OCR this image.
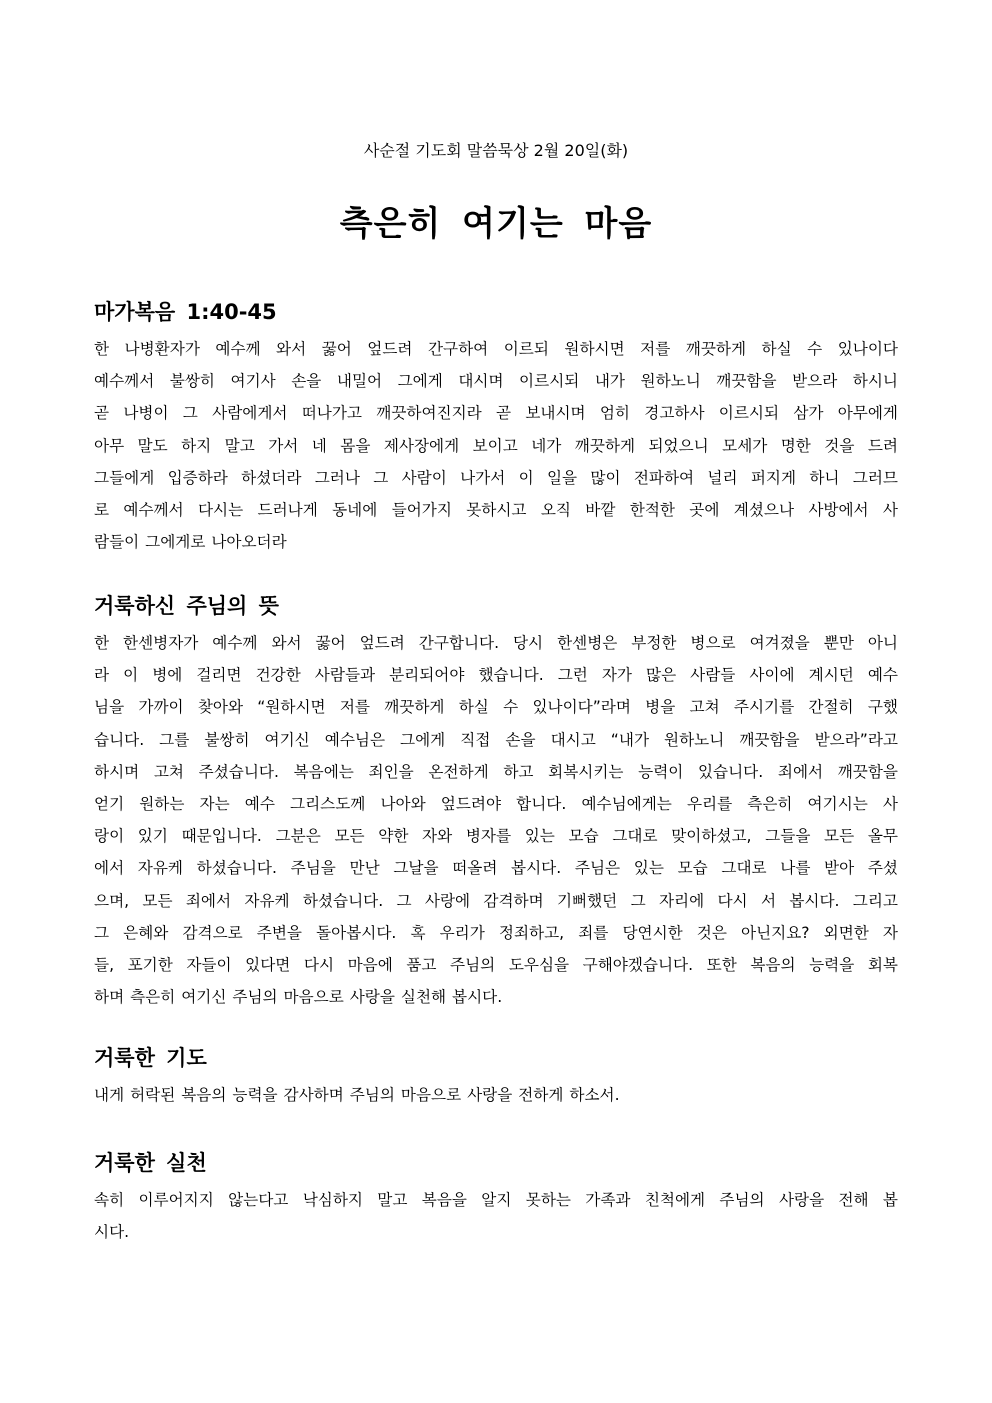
사순절 기도회 말씀묵상 2월 20일(화)
측은히 여기는 마음
마가복음 1:40-45

한 나병환자가 예수께 와서 꿇어 엎드려 간구하여 이르되 원하시면 저를 깨끗하게 하실 수 있나이다
예수께서 불쌍히 여기사 손을 내밀어 그에게 대시며 이르시되 내가 원하노니 깨끗함을 받으라 하시니
곧 나병이 그 사람에게서 떠나가고 깨끗하여진지라 곧 보내시며 엄히 경고하사 이르시되 삼가 아무에게
아무 말도 하지 말고 가서 네 몸을 제사장에게 보이고 네가 깨끗하게 되었으니 모세가 명한 것을 드려
그들에게 입증하라 하셨더라 그러나 그 사람이 나가서 이 일을 많이 전파하여 널리 퍼지게 하니 그러므
로 예수께서 다시는 드러나게 동네에 들어가지 못하시고 오직 바깥 한적한 곳에 계셨으나 사방에서 사
람들이 그에게로 나아오더라

거룩하신 주님의 뜻

한 한센병자가 예수께 와서 꿇어 엎드려 간구합니다. 당시 한센병은 부정한 병으로 여겨졌을 뿐만 아니
라 이 병에 걸리면 건강한 사람들과 분리되어야 했습니다. 그런 자가 많은 사람들 사이에 계시던 예수
님을 가까이 찾아와 “원하시면 저를 깨끗하게 하실 수 있나이다”라며 병을 고쳐 주시기를 간절히 구했
습니다. 그를 불쌍히 여기신 예수님은 그에게 직접 손을 대시고 “내가 원하노니 깨끗함을 받으라”라고
하시며 고쳐 주셨습니다. 복음에는 죄인을 온전하게 하고 회복시키는 능력이 있습니다. 죄에서 깨끗함을
얻기 원하는 자는 예수 그리스도께 나아와 엎드려야 합니다. 예수님에게는 우리를 측은히 여기시는 사
랑이 있기 때문입니다. 그분은 모든 약한 자와 병자를 있는 모습 그대로 맞이하셨고, 그들을 모든 올무
에서 자유케 하셨습니다. 주님을 만난 그날을 떠올려 봅시다. 주님은 있는 모습 그대로 나를 받아 주셨
으며, 모든 죄에서 자유케 하셨습니다. 그 사랑에 감격하며 기뻐했던 그 자리에 다시 서 봅시다. 그리고
그 은혜와 감격으로 주변을 돌아봅시다. 혹 우리가 정죄하고, 죄를 당연시한 것은 아닌지요? 외면한 자
들, 포기한 자들이 있다면 다시 마음에 품고 주님의 도우심을 구해야겠습니다. 또한 복음의 능력을 회복
하며 측은히 여기신 주님의 마음으로 사랑을 실천해 봅시다.

거룩한 기도

내게 허락된 복음의 능력을 감사하며 주님의 마음으로 사랑을 전하게 하소서.

거룩한 실천

속히 이루어지지 않는다고 낙심하지 말고 복음을 알지 못하는 가족과 친척에게 주님의 사랑을 전해 봅
시다.
